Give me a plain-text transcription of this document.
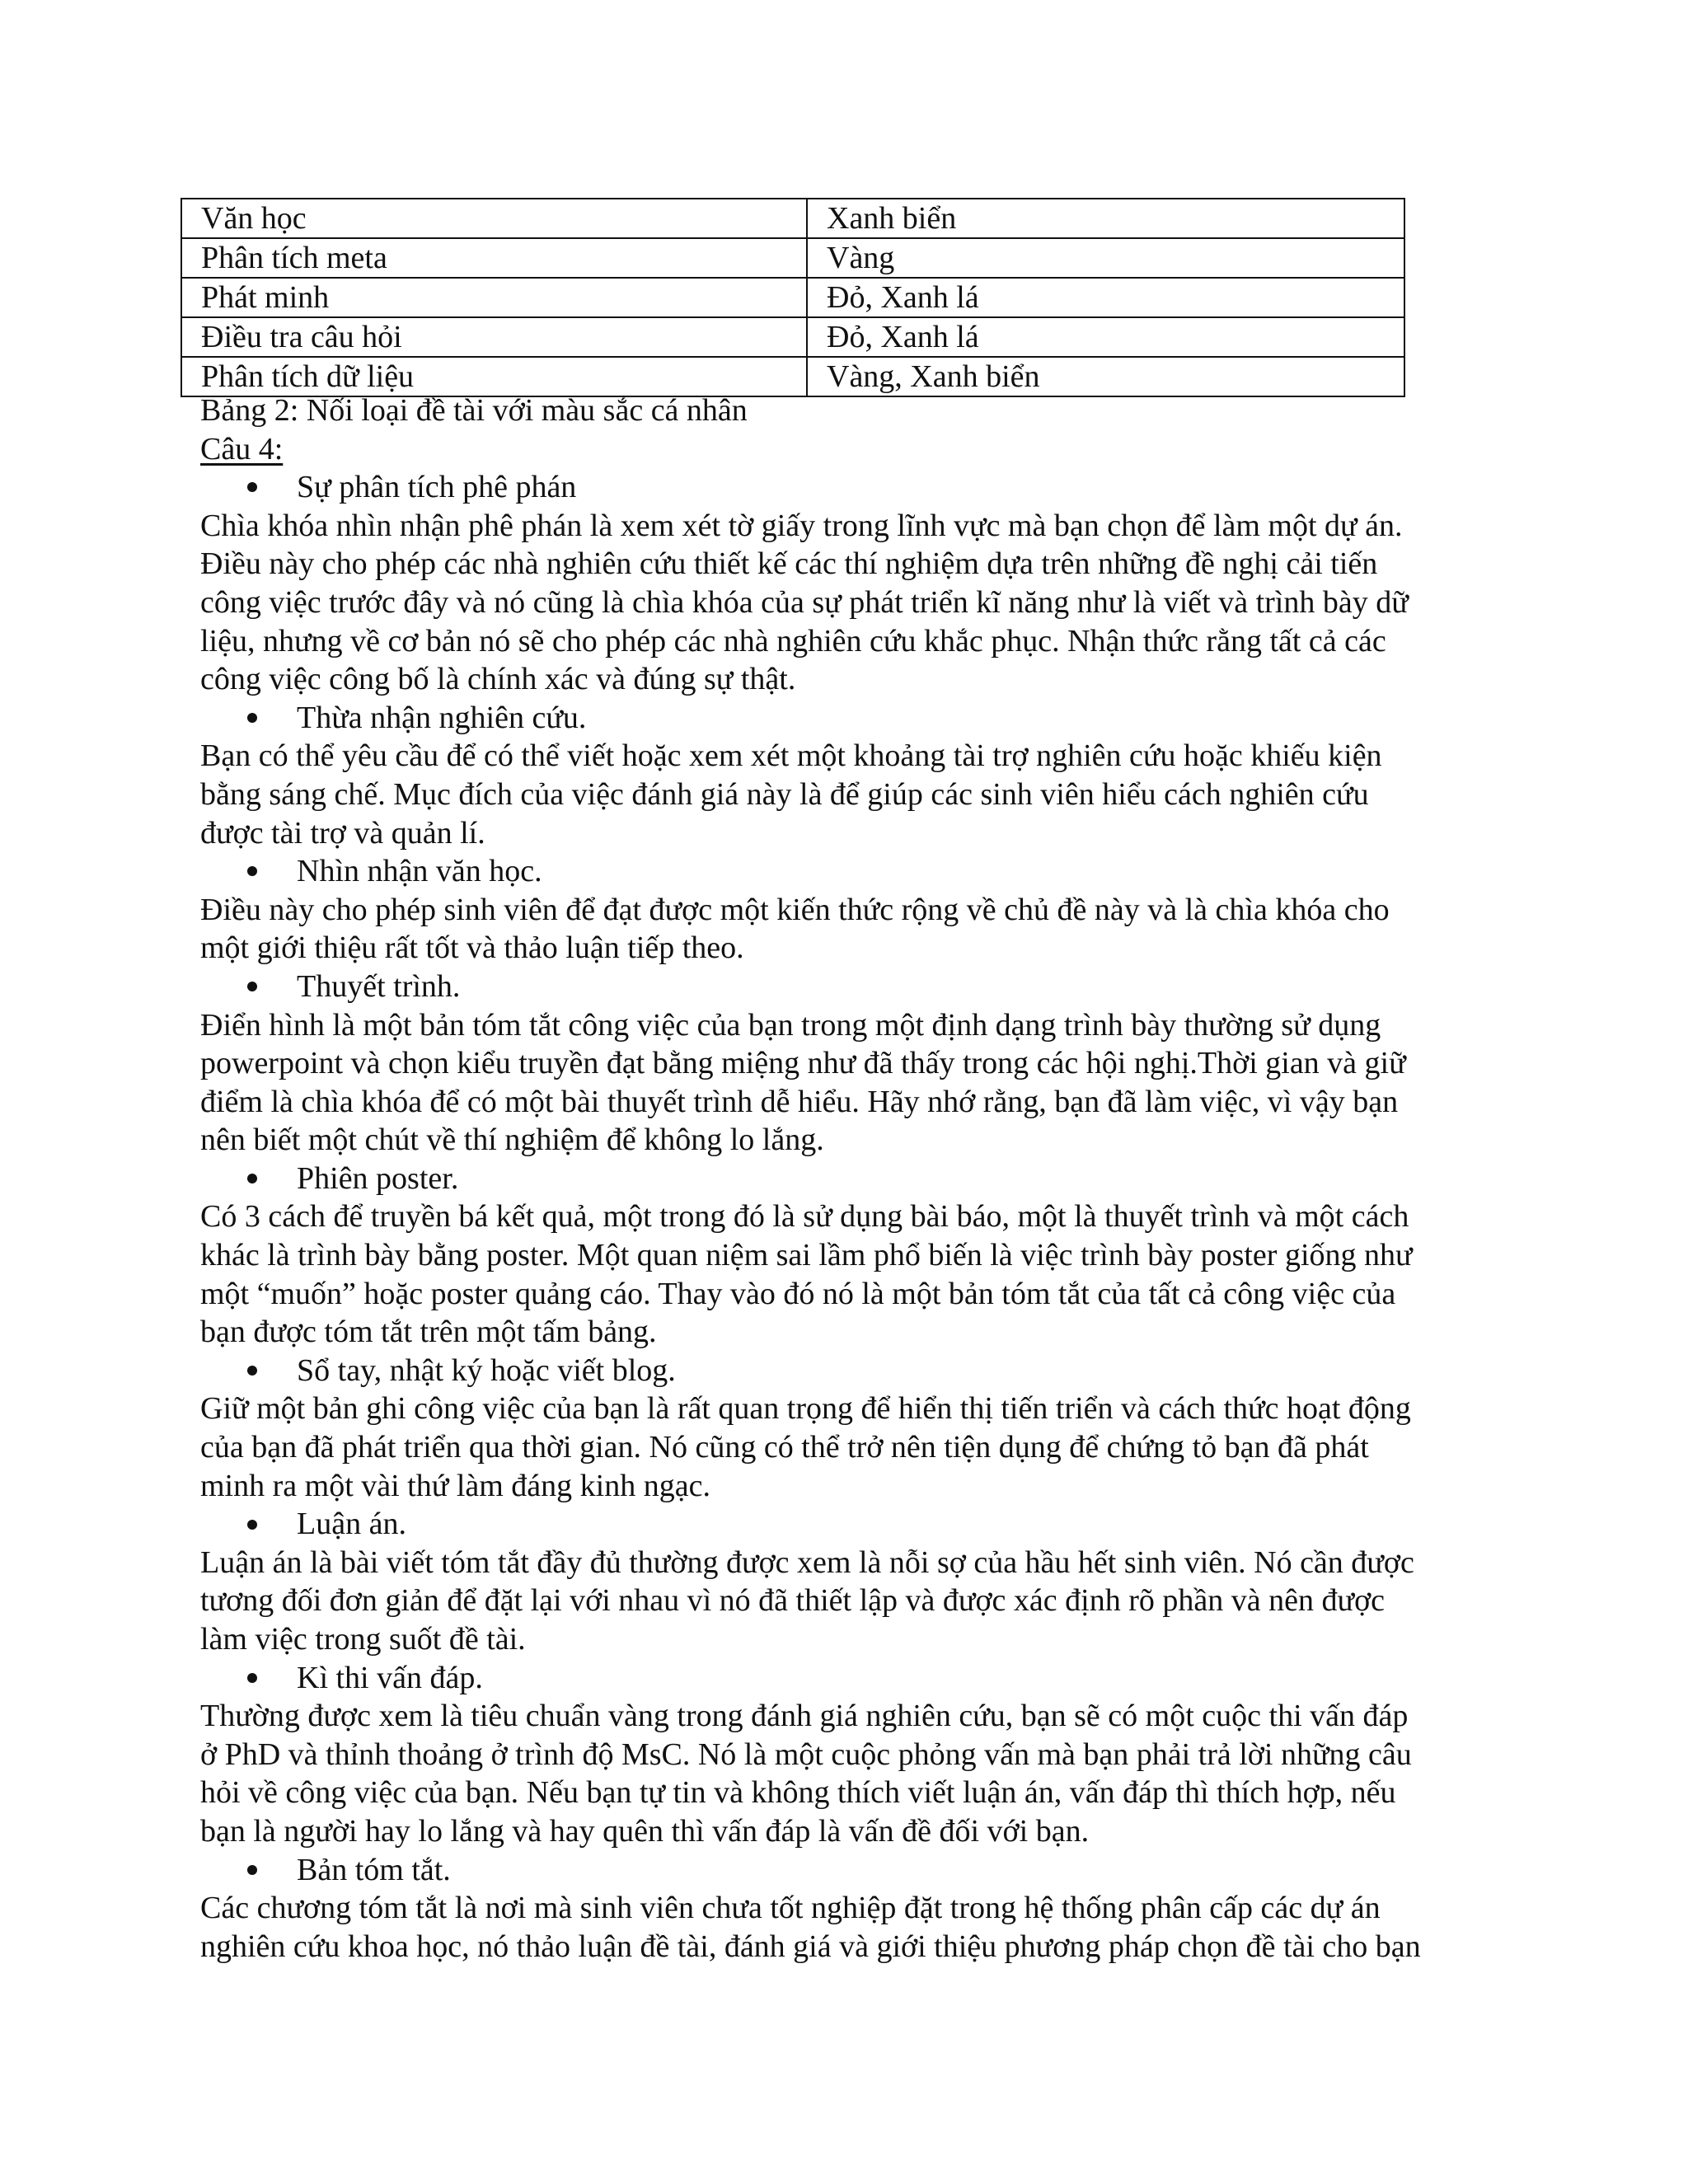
Văn học	Xanh biển
Phân tích meta	Vàng
Phát minh	Đỏ, Xanh lá
Điều tra câu hỏi	Đỏ, Xanh lá
Phân tích dữ liệu	Vàng, Xanh biển
Bảng 2: Nối loại đề tài với màu sắc cá nhân
Câu 4:
Sự phân tích phê phán
Chìa khóa nhìn nhận phê phán là xem xét tờ giấy trong lĩnh vực mà bạn chọn để làm một dự án.
Điều này cho phép các nhà nghiên cứu thiết kế các thí nghiệm dựa trên những đề nghị cải tiến
công việc trước đây và nó cũng là chìa khóa của sự phát triển kĩ năng như là viết và trình bày dữ
liệu, nhưng về cơ bản nó sẽ cho phép các nhà nghiên cứu khắc phục. Nhận thức rằng tất cả các
công việc công bố là chính xác và đúng sự thật.
Thừa nhận nghiên cứu.
Bạn có thể yêu cầu để có thể viết hoặc xem xét một khoảng tài trợ nghiên cứu hoặc khiếu kiện
bằng sáng chế. Mục đích của việc đánh giá này là để giúp các sinh viên hiểu cách nghiên cứu
được tài trợ và quản lí.
Nhìn nhận văn học.
Điều này cho phép sinh viên để đạt được một kiến thức rộng về chủ đề này và là chìa khóa cho
một giới thiệu rất tốt và thảo luận tiếp theo.
Thuyết trình.
Điển hình là một bản tóm tắt công việc của bạn trong một định dạng trình bày thường sử dụng
powerpoint và chọn kiểu truyền đạt bằng miệng như đã thấy trong các hội nghị.Thời gian và giữ
điểm là chìa khóa để có một bài thuyết trình dễ hiểu. Hãy nhớ rằng, bạn đã làm việc, vì vậy bạn
nên biết một chút về thí nghiệm để không lo lắng.
Phiên poster.
Có 3 cách để truyền bá kết quả, một trong đó là sử dụng bài báo, một là thuyết trình và một cách
khác là trình bày bằng poster. Một quan niệm sai lầm phổ biến là việc trình bày poster giống như
một “muốn” hoặc poster quảng cáo. Thay vào đó nó là một bản tóm tắt của tất cả công việc của
bạn được tóm tắt trên một tấm bảng.
Sổ tay, nhật ký hoặc viết blog.
Giữ một bản ghi công việc của bạn là rất quan trọng để hiển thị tiến triển và cách thức hoạt động
của bạn đã phát triển qua thời gian. Nó cũng có thể trở nên tiện dụng để chứng tỏ bạn đã phát
minh ra một vài thứ làm đáng kinh ngạc.
Luận án.
Luận án là bài viết tóm tắt đầy đủ thường được xem là nỗi sợ của hầu hết sinh viên. Nó cần được
tương đối đơn giản để đặt lại với nhau vì nó đã thiết lập và được xác định rõ phần và nên được
làm việc trong suốt đề tài.
Kì thi vấn đáp.
Thường được xem là tiêu chuẩn vàng trong đánh giá nghiên cứu, bạn sẽ có một cuộc thi vấn đáp
ở PhD và thỉnh thoảng ở trình độ MsC. Nó là một cuộc phỏng vấn mà bạn phải trả lời những câu
hỏi về công việc của bạn. Nếu bạn tự tin và không thích viết luận án, vấn đáp thì thích hợp, nếu
bạn là người hay lo lắng và hay quên thì vấn đáp là vấn đề đối với bạn.
Bản tóm tắt.
Các chương tóm tắt là nơi mà sinh viên chưa tốt nghiệp đặt trong hệ thống phân cấp các dự án
nghiên cứu khoa học, nó thảo luận đề tài, đánh giá và giới thiệu phương pháp chọn đề tài cho bạn
